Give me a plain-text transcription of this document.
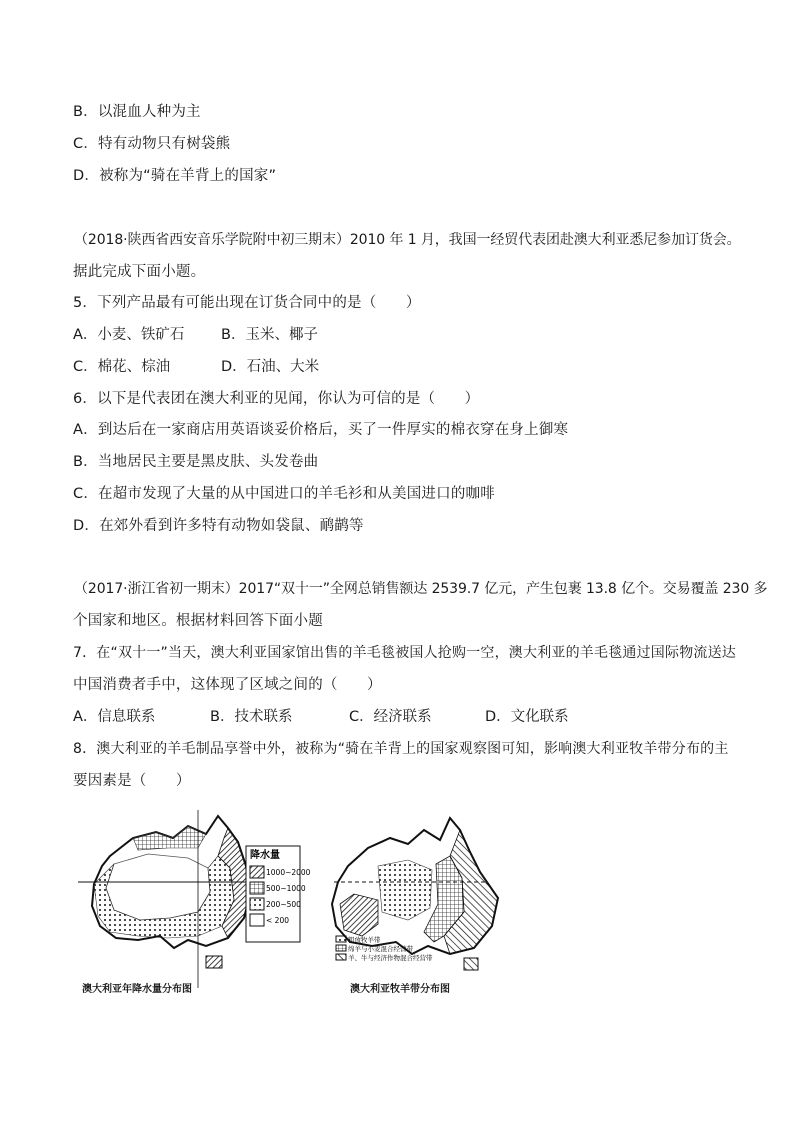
B．以混血人种为主
C．特有动物只有树袋熊
D．被称为“骑在羊背上的国家”
（2018·陕西省西安音乐学院附中初三期末）2010 年 1 月，我国一经贸代表团赴澳大利亚悉尼参加订货会。
据此完成下面小题。
5．下列产品最有可能出现在订货合同中的是（　　）
A．小麦、铁矿石	B．玉米、椰子
C．棉花、棕油	D．石油、大米
6．以下是代表团在澳大利亚的见闻，你认为可信的是（　　）
A．到达后在一家商店用英语谈妥价格后，买了一件厚实的棉衣穿在身上御寒
B．当地居民主要是黑皮肤、头发卷曲
C．在超市发现了大量的从中国进口的羊毛衫和从美国进口的咖啡
D．在郊外看到许多特有动物如袋鼠、鸸鹋等
（2017·浙江省初一期末）2017“双十一”全网总销售额达 2539.7 亿元，产生包裹 13.8 亿个。交易覆盖 230 多
个国家和地区。根据材料回答下面小题
7．在“双十一”当天，澳大利亚国家馆出售的羊毛毯被国人抢购一空，澳大利亚的羊毛毯通过国际物流送达
中国消费者手中，这体现了区域之间的（　　）
A．信息联系	B．技术联系	C．经济联系	D．文化联系
8．澳大利亚的羊毛制品享誉中外，被称为“骑在羊背上的国家观察图可知，影响澳大利亚牧羊带分布的主
要因素是（　　）
降水量
1000~2000
500~1000
200~500
< 200
粗放牧羊带
绵羊与小麦混合经营带
羊、牛与经济作物混合经营带
澳大利亚年降水量分布图	澳大利亚牧羊带分布图
